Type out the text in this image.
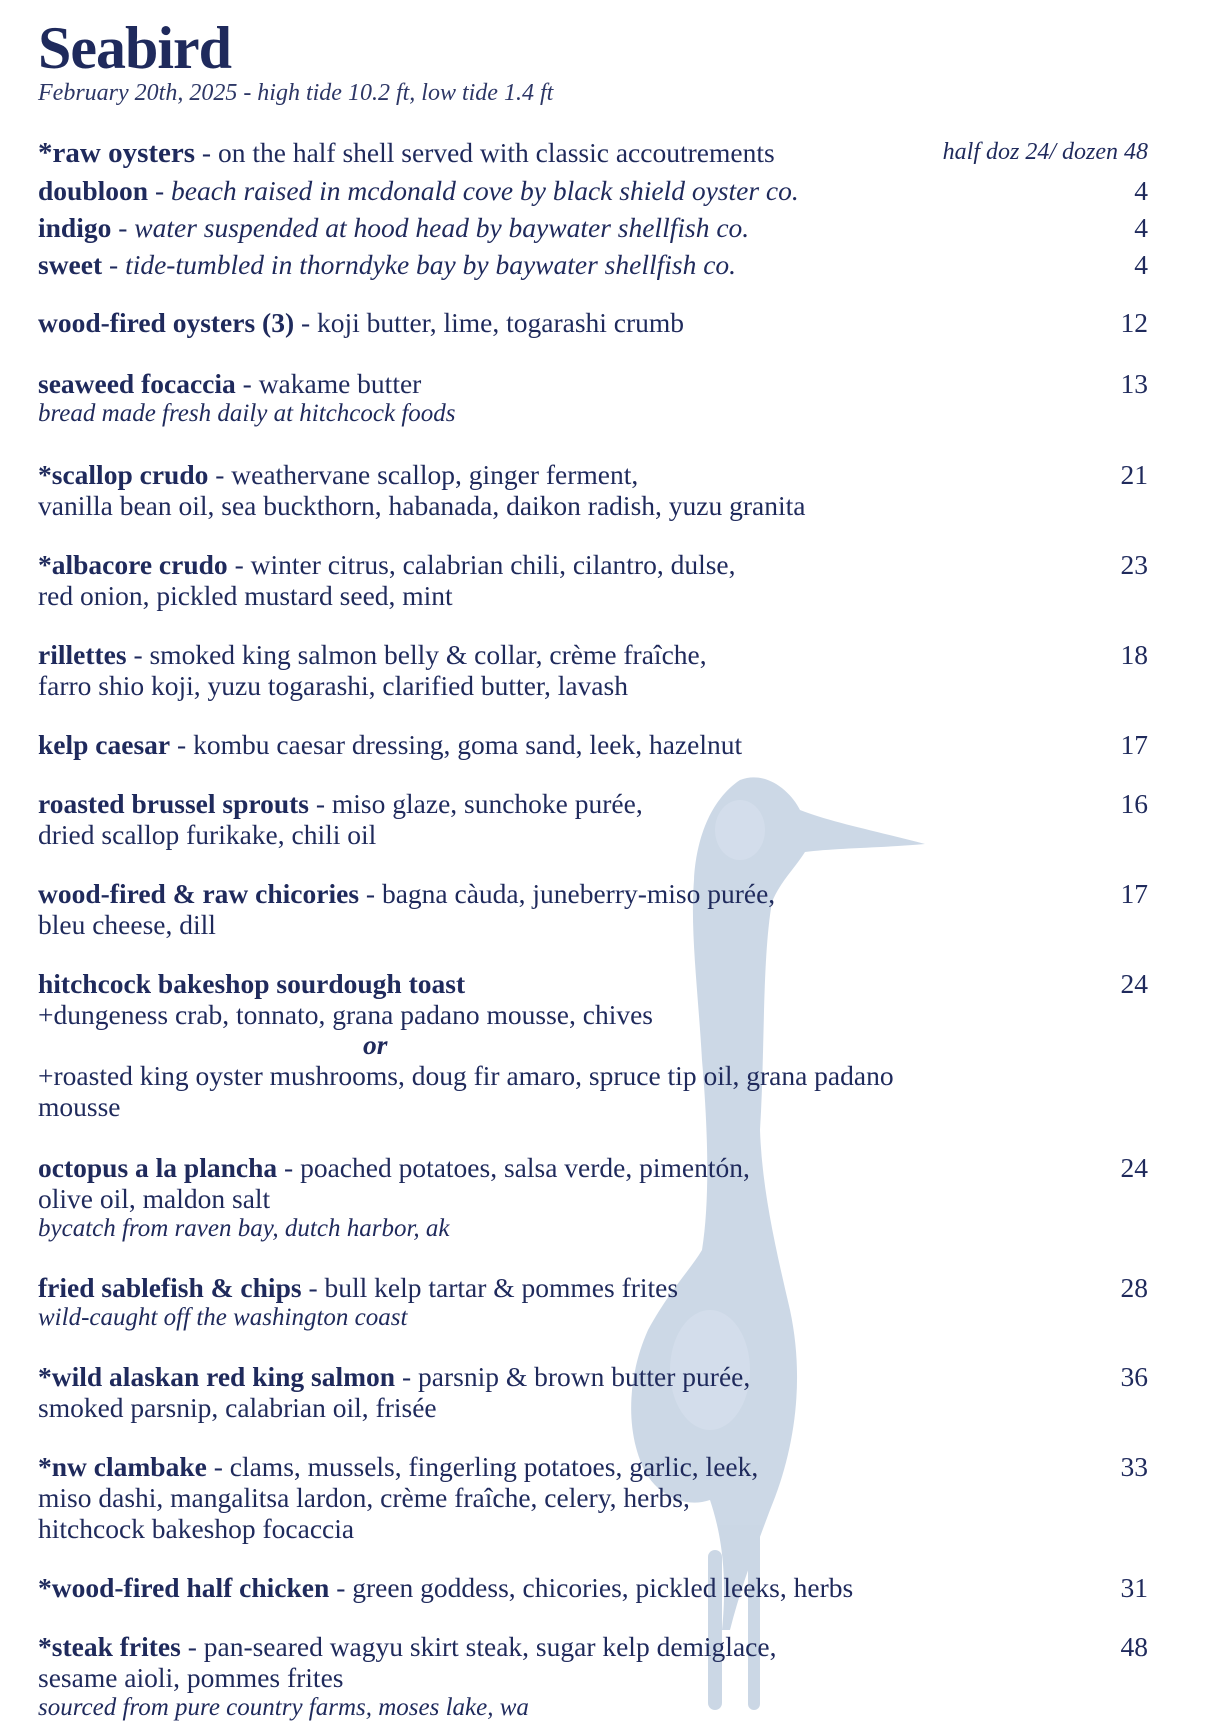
Seabird
February 20th, 2025 - high tide 10.2 ft, low tide 1.4 ft
*raw oysters - on the half shell served with classic accoutrements	half doz 24/ dozen 48
doubloon - beach raised in mcdonald cove by black shield oyster co.	4
indigo - water suspended at hood head by baywater shellfish co.	4
sweet - tide-tumbled in thorndyke bay by baywater shellfish co.	4
wood-fired oysters (3) - koji butter, lime, togarashi crumb	12
seaweed focaccia - wakame butter
bread made fresh daily at hitchcock foods
13
*scallop crudo - weathervane scallop, ginger ferment,
vanilla bean oil, sea buckthorn, habanada, daikon radish, yuzu granita
21
*albacore crudo - winter citrus, calabrian chili, cilantro, dulse,
red onion, pickled mustard seed, mint
23
rillettes - smoked king salmon belly & collar, crème fraîche,
farro shio koji, yuzu togarashi, clarified butter, lavash
18
kelp caesar - kombu caesar dressing, goma sand, leek, hazelnut	17
roasted brussel sprouts - miso glaze, sunchoke purée,
dried scallop furikake, chili oil
16
wood-fired & raw chicories - bagna càuda, juneberry-miso purée,
bleu cheese, dill
17
hitchcock bakeshop sourdough toast
+dungeness crab, tonnato, grana padano mousse, chives
or
+roasted king oyster mushrooms, doug fir amaro, spruce tip oil, grana padano
mousse
24
octopus a la plancha - poached potatoes, salsa verde, pimentón,
olive oil, maldon salt
bycatch from raven bay, dutch harbor, ak
24
fried sablefish & chips - bull kelp tartar & pommes frites
wild-caught off the washington coast
28
*wild alaskan red king salmon - parsnip & brown butter purée,
smoked parsnip, calabrian oil, frisée
36
*nw clambake - clams, mussels, fingerling potatoes, garlic, leek,
miso dashi, mangalitsa lardon, crème fraîche, celery, herbs,
hitchcock bakeshop focaccia
33
*wood-fired half chicken - green goddess, chicories, pickled leeks, herbs	31
*steak frites - pan-seared wagyu skirt steak, sugar kelp demiglace,
sesame aioli, pommes frites
sourced from pure country farms, moses lake, wa
48
